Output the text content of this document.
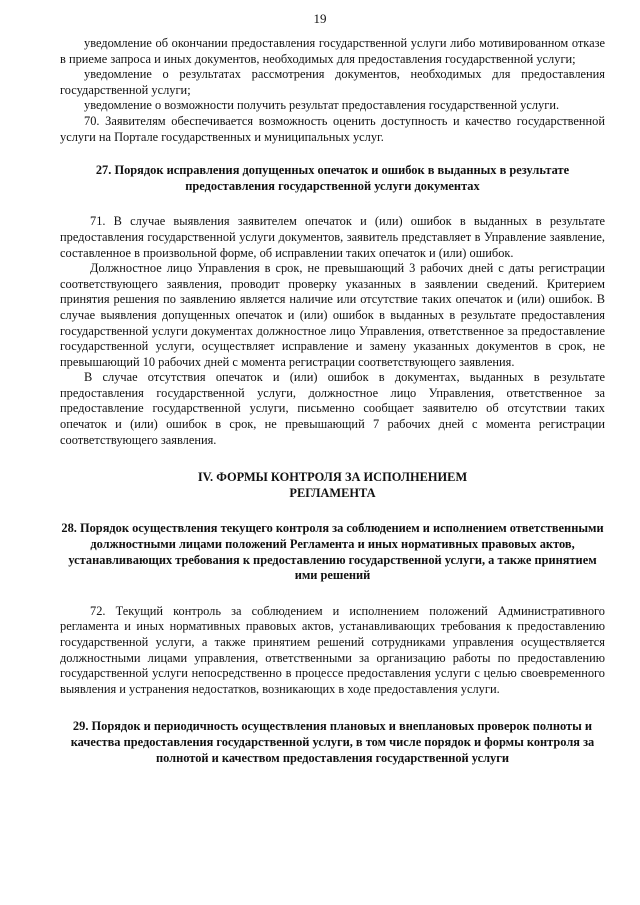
19

уведомление об окончании предоставления государственной услуги либо мотивированном отказе в приеме запроса и иных документов, необходимых для предоставления государственной услуги;

уведомление о результатах рассмотрения документов, необходимых для предоставления государственной услуги;

уведомление о возможности получить результат предоставления государственной услуги.

70. Заявителям обеспечивается возможность оценить доступность и качество государственной услуги на Портале государственных и муниципальных услуг.

27. Порядок исправления допущенных опечаток и ошибок в выданных в результате предоставления государственной услуги документах

71. В случае выявления заявителем опечаток и (или) ошибок в выданных в результате предоставления государственной услуги документов, заявитель представляет в Управление заявление, составленное в произвольной форме, об исправлении таких опечаток и (или) ошибок.

Должностное лицо Управления в срок, не превышающий 3 рабочих дней с даты регистрации соответствующего заявления, проводит проверку указанных в заявлении сведений. Критерием принятия решения по заявлению является наличие или отсутствие таких опечаток и (или) ошибок. В случае выявления допущенных опечаток и (или) ошибок в выданных в результате предоставления государственной услуги документах должностное лицо Управления, ответственное за предоставление государственной услуги, осуществляет исправление и замену указанных документов в срок, не превышающий 10 рабочих дней с момента регистрации соответствующего заявления.

В случае отсутствия опечаток и (или) ошибок в документах, выданных в результате предоставления государственной услуги, должностное лицо Управления, ответственное за предоставление государственной услуги, письменно сообщает заявителю об отсутствии таких опечаток и (или) ошибок в срок, не превышающий 7 рабочих дней с момента регистрации соответствующего заявления.

IV. ФОРМЫ КОНТРОЛЯ ЗА ИСПОЛНЕНИЕМ

РЕГЛАМЕНТА

28. Порядок осуществления текущего контроля за соблюдением и исполнением ответственными должностными лицами положений Регламента и иных нормативных правовых актов, устанавливающих требования к предоставлению государственной услуги, а также принятием ими решений

72. Текущий контроль за соблюдением и исполнением положений Административного регламента и иных нормативных правовых актов, устанавливающих требования к предоставлению государственной услуги, а также принятием решений сотрудниками управления осуществляется должностными лицами управления, ответственными за организацию работы по предоставлению государственной услуги непосредственно в процессе предоставления услуги с целью своевременного выявления и устранения недостатков, возникающих в ходе предоставления услуги.

29. Порядок и периодичность осуществления плановых и внеплановых проверок полноты и качества предоставления государственной услуги, в том числе порядок и формы контроля за полнотой и качеством предоставления государственной услуги
